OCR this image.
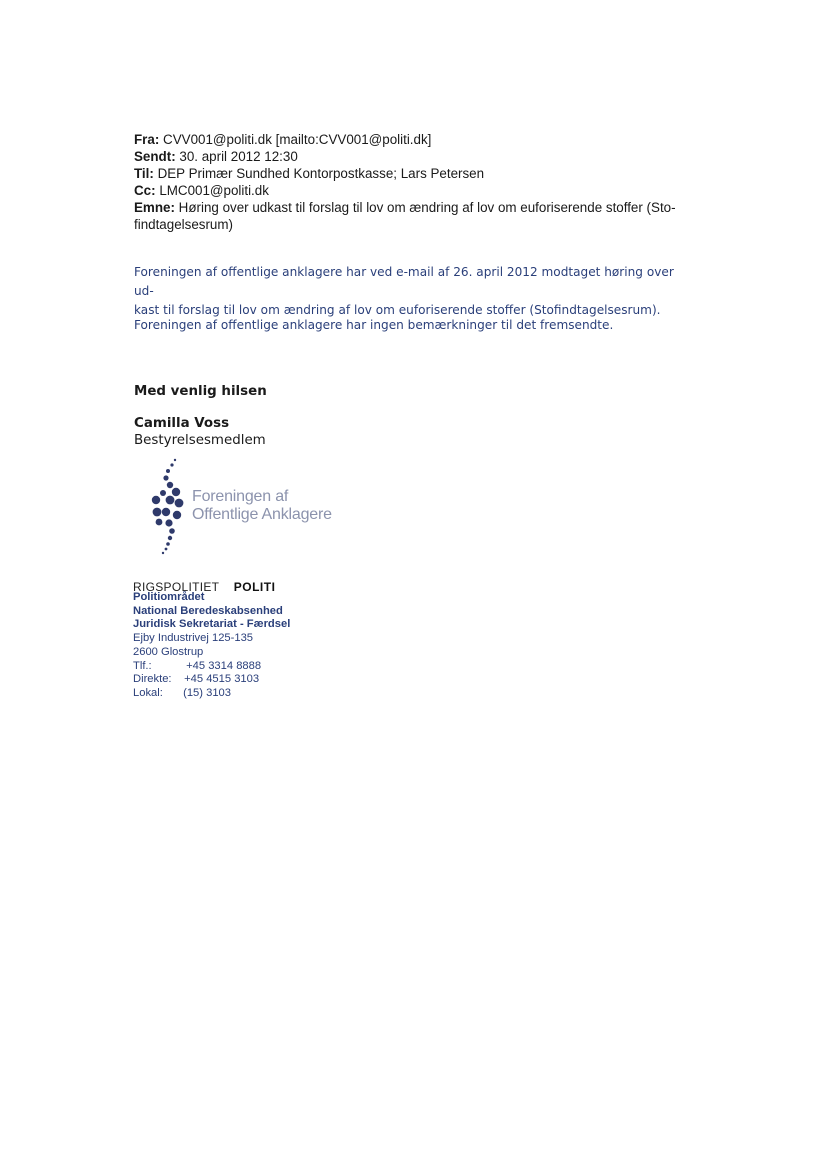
Fra: CVV001@politi.dk [mailto:CVV001@politi.dk]
Sendt: 30. april 2012 12:30
Til: DEP Primær Sundhed Kontorpostkasse; Lars Petersen
Cc: LMC001@politi.dk
Emne: Høring over udkast til forslag til lov om ændring af lov om euforiserende stoffer (Sto-
findtagelsesrum)
Foreningen af offentlige anklagere har ved e-mail af 26. april 2012 modtaget høring over ud-
kast til forslag til lov om ændring af lov om euforiserende stoffer (Stofindtagelsesrum).
Foreningen af offentlige anklagere har ingen bemærkninger til det fremsendte.
Med venlig hilsen
Camilla Voss
Bestyrelsesmedlem
Foreningen af
Offentlige Anklagere
RIGSPOLITIET POLITI
Politiområdet
National Beredeskabsenhed
Juridisk Sekretariat - Færdsel
Ejby Industrivej 125-135
2600 Glostrup
Tlf.:	+45 3314 8888
Direkte: +45 4515 3103
Lokal: (15) 3103
